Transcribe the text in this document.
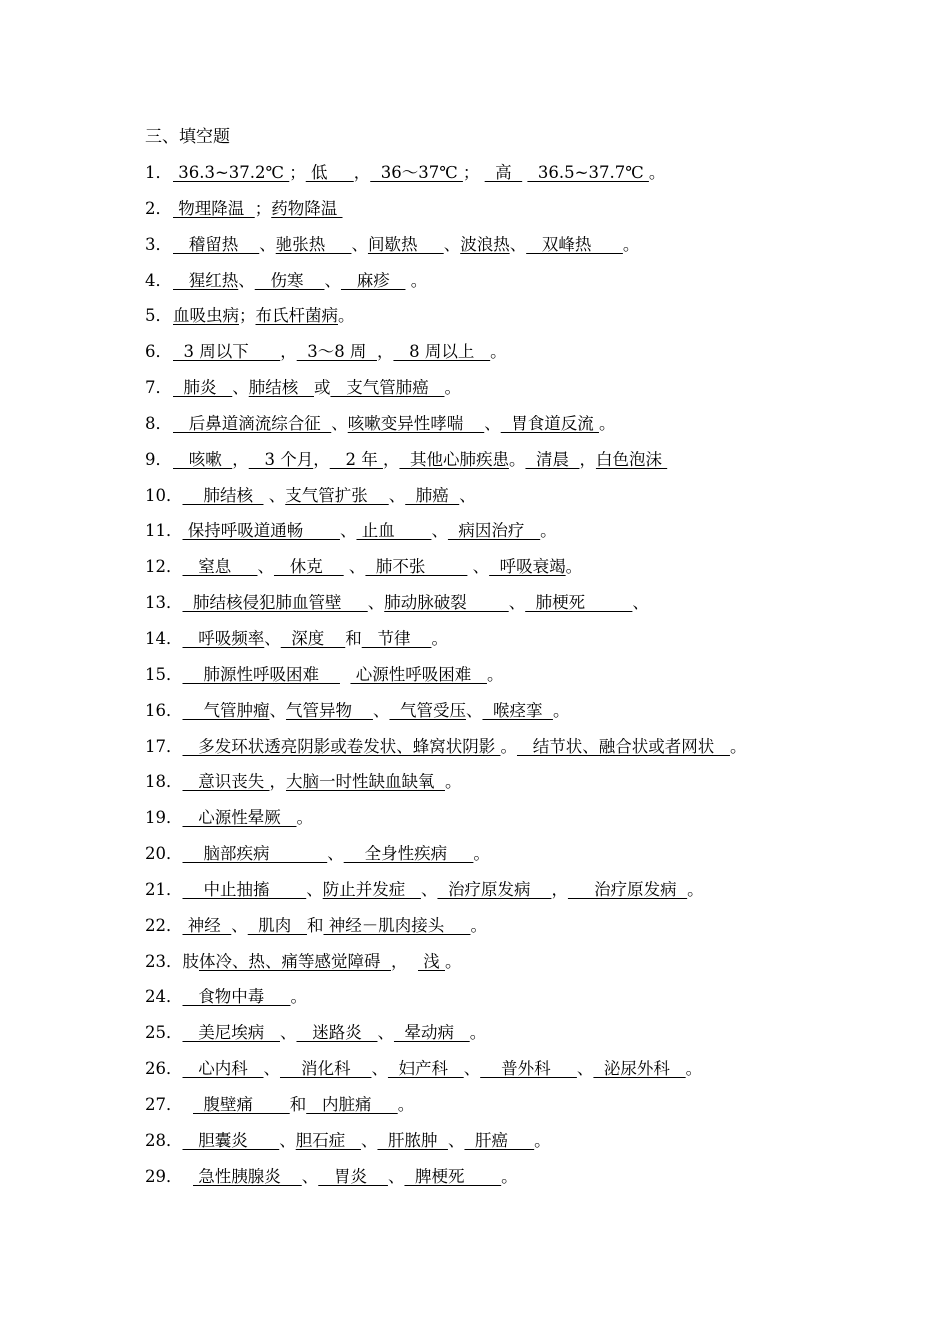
三、填空题
1． 36.3~37.2℃ ； 低     ，  36～37℃ ；   高     36.5~37.7℃ 。
2． 物理降温  ；药物降温
3．   稽留热    、驰张热     、间歇热     、波浪热、   双峰热      。
4．   猩红热、   伤寒    、   麻疹    。
5．血吸虫病；布氏杆菌病。
6．  3 周以下      ，  3～8 周  ，   8 周以上   。
7．  肺炎   、肺结核   或   支气管肺癌   。
8．   后鼻道滴流综合征  、咳嗽变异性哮喘    、  胃食道反流 。
9．   咳嗽  ，   3 个月，   2 年 ，  其他心肺疾患。  清晨  ，白色泡沫
10．    肺结核   、支气管扩张    、  肺癌  、
11． 保持呼吸道通畅       、 止血       、  病因治疗   。
12．   窒息     、   休克     、  肺不张         、  呼吸衰竭。
13．  肺结核侵犯肺血管壁     、肺动脉破裂        、  肺梗死         、
14．   呼吸频率、  深度    和   节律    。
15．    肺源性呼吸困难       心源性呼吸困难   。
16．    气管肿瘤、气管异物    、  气管受压、  喉痉挛  。
17．   多发环状透亮阴影或卷发状、蜂窝状阴影 。   结节状、融合状或者网状   。
18．   意识丧失 ，大脑一时性缺血缺氧  。
19．   心源性晕厥   。
20．    脑部疾病           、    全身性疾病     。
21．    中止抽搐       、防止并发症   、  治疗原发病    ，     治疗原发病  。
22． 神经  、  肌肉   和 神经－肌肉接头     。
23．肢体冷、热、痛等感觉障碍  ，   浅 。
24．   食物中毒     。
25．   美尼埃病   、   迷路炎   、  晕动病   。
26．   心内科   、    消化科    、  妇产科   、    普外科     、  泌尿外科   。
27．    腹壁痛       和   内脏痛     。
28．   胆囊炎      、胆石症   、  肝脓肿  、  肝癌     。
29．   急性胰腺炎    、   胃炎    、  脾梗死       。
